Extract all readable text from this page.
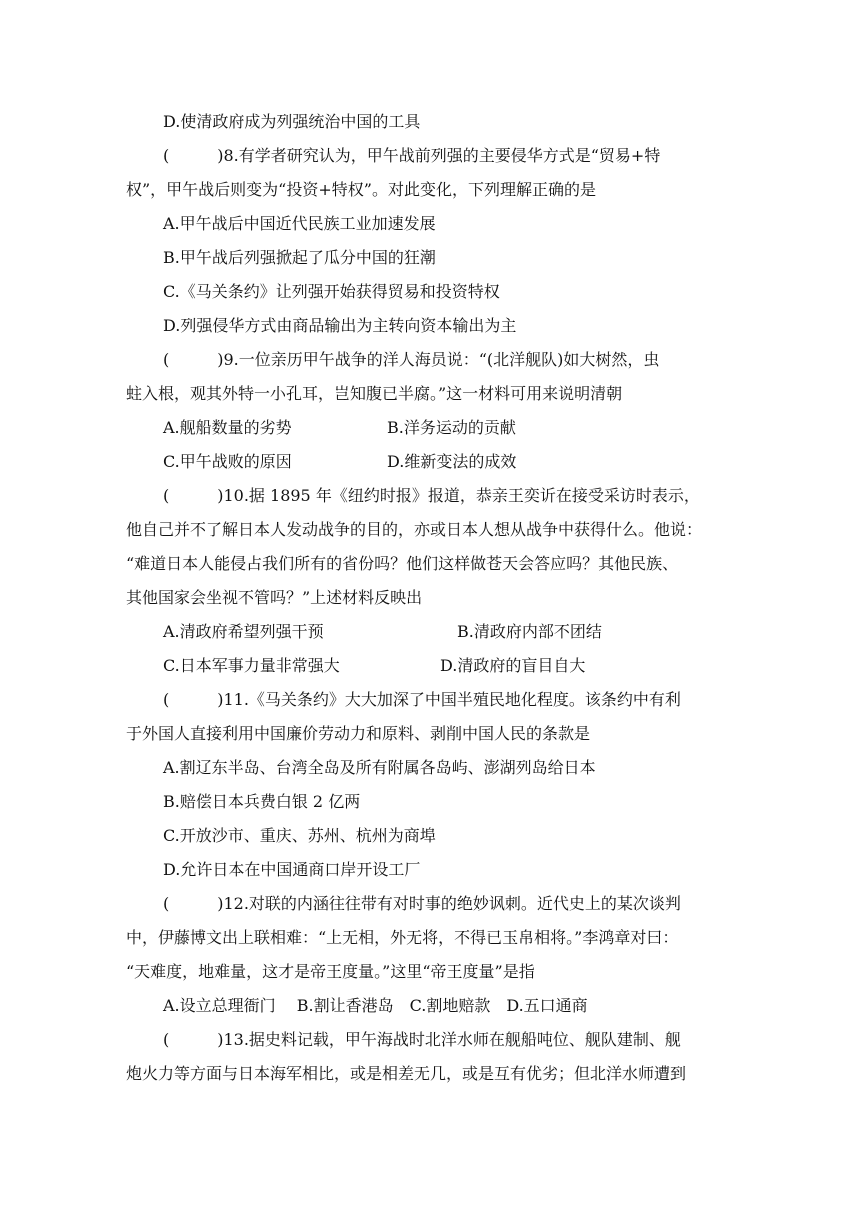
D.使清政府成为列强统治中国的工具
(　　　)8.有学者研究认为，甲午战前列强的主要侵华方式是“贸易+特
权”，甲午战后则变为“投资+特权”。对此变化，下列理解正确的是
A.甲午战后中国近代民族工业加速发展
B.甲午战后列强掀起了瓜分中国的狂潮
C.《马关条约》让列强开始获得贸易和投资特权
D.列强侵华方式由商品输出为主转向资本输出为主
(　　　)9.一位亲历甲午战争的洋人海员说：“(北洋舰队)如大树然，虫
蛀入根，观其外特一小孔耳，岂知腹已半腐。”这一材料可用来说明清朝
A.舰船数量的劣势	B.洋务运动的贡献
C.甲午战败的原因	D.维新变法的成效
(　　　)10.据 1895 年《纽约时报》报道，恭亲王奕䜣在接受采访时表示，
他自己并不了解日本人发动战争的目的，亦或日本人想从战争中获得什么。他说：
“难道日本人能侵占我们所有的省份吗？他们这样做苍天会答应吗？其他民族、
其他国家会坐视不管吗？”上述材料反映出
A.清政府希望列强干预	B.清政府内部不团结
C.日本军事力量非常强大	D.清政府的盲目自大
(　　　)11.《马关条约》大大加深了中国半殖民地化程度。该条约中有利
于外国人直接利用中国廉价劳动力和原料、剥削中国人民的条款是
A.割辽东半岛、台湾全岛及所有附属各岛屿、澎湖列岛给日本
B.赔偿日本兵费白银 2 亿两
C.开放沙市、重庆、苏州、杭州为商埠
D.允许日本在中国通商口岸开设工厂
(　　　)12.对联的内涵往往带有对时事的绝妙讽刺。近代史上的某次谈判
中，伊藤博文出上联相难：“上无相，外无将，不得已玉帛相将。”李鸿章对曰：
“天难度，地难量，这才是帝王度量。”这里“帝王度量”是指
A.设立总理衙门　 B.割让香港岛　C.割地赔款　D.五口通商
(　　　)13.据史料记载，甲午海战时北洋水师在舰船吨位、舰队建制、舰
炮火力等方面与日本海军相比，或是相差无几，或是互有优劣；但北洋水师遭到
